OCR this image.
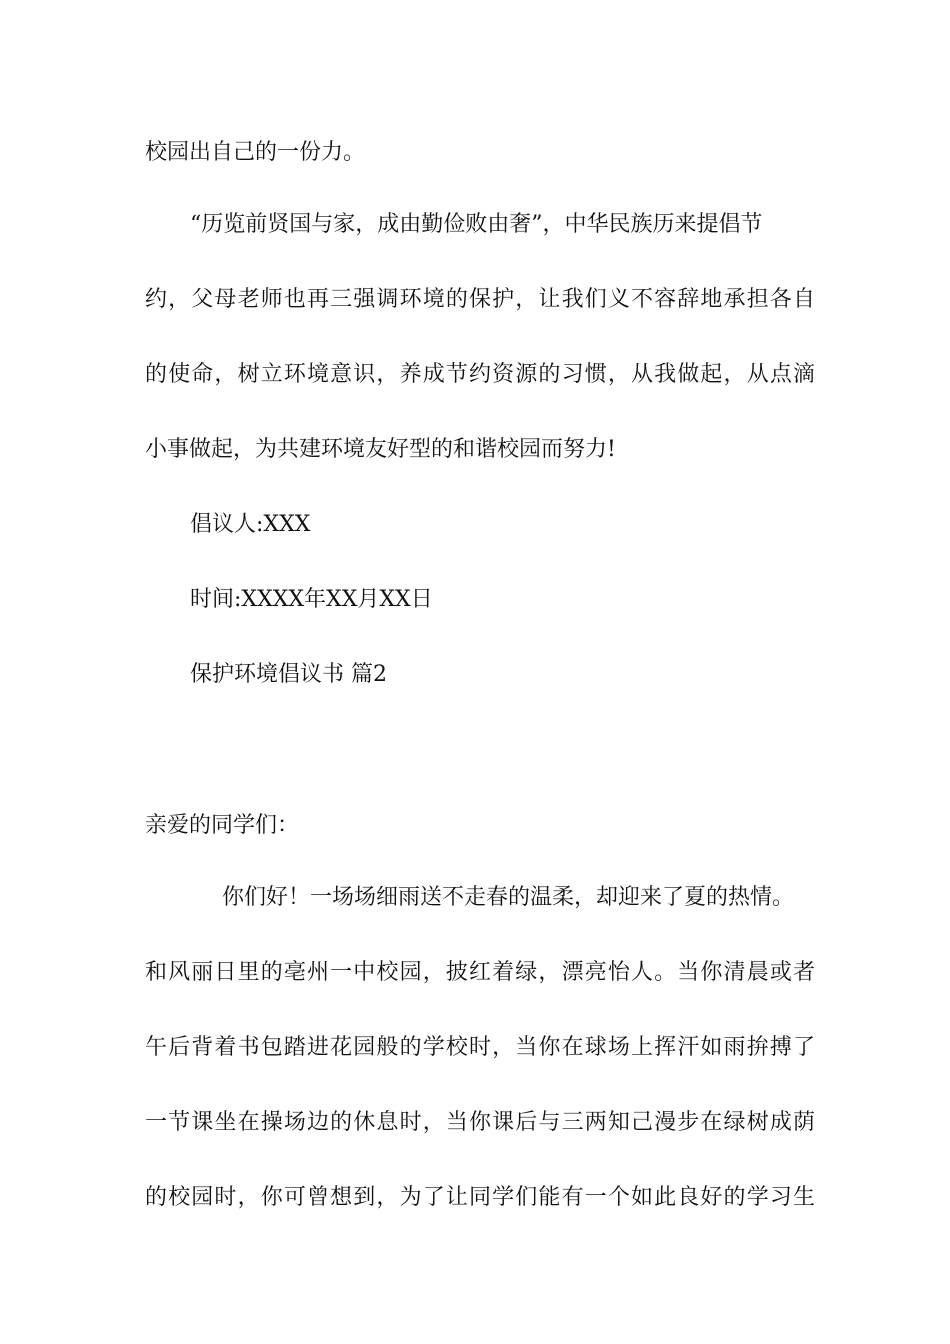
校园出自己的一份力。
“历览前贤国与家，成由勤俭败由奢”，中华民族历来提倡节
约，父母老师也再三强调环境的保护，让我们义不容辞地承担各自
的使命，树立环境意识，养成节约资源的习惯，从我做起，从点滴
小事做起，为共建环境友好型的和谐校园而努力!
倡议人:XXX
时间:XXXX年XX月XX日
保护环境倡议书 篇2
亲爱的同学们：
你们好！一场场细雨送不走春的温柔，却迎来了夏的热情。
和风丽日里的亳州一中校园，披红着绿，漂亮怡人。当你清晨或者
午后背着书包踏进花园般的学校时，当你在球场上挥汗如雨拚搏了
一节课坐在操场边的休息时，当你课后与三两知己漫步在绿树成荫
的校园时，你可曾想到，为了让同学们能有一个如此良好的学习生
